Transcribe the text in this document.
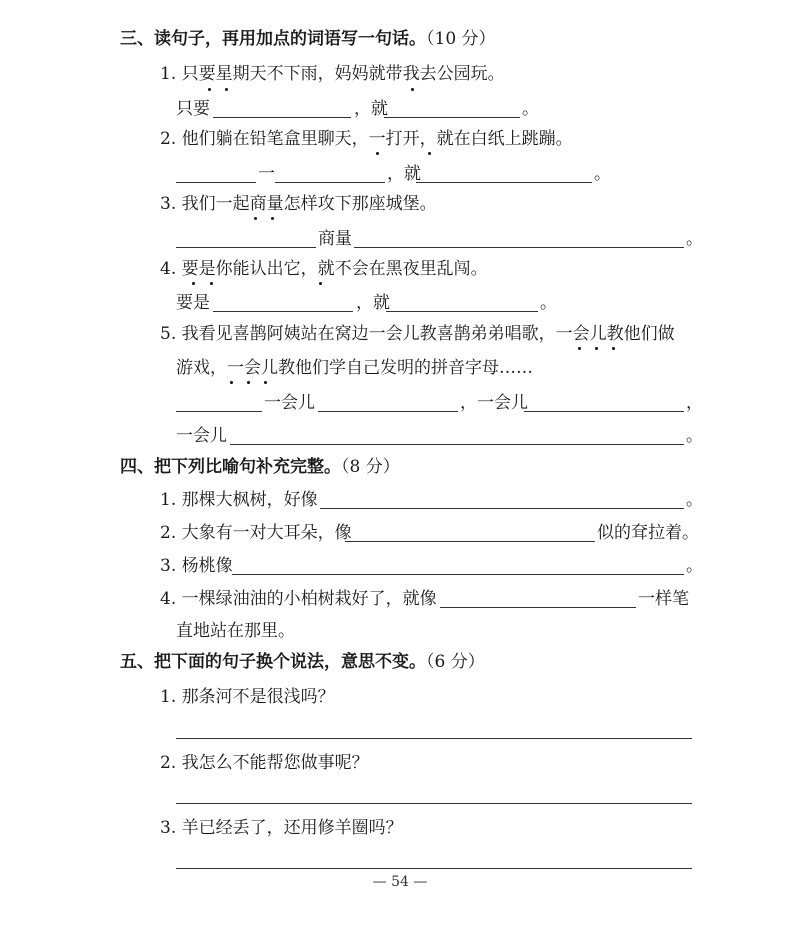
三、读句子，再用加点的词语写一句话。（10 分）
1. 只要星期天不下雨，妈妈就带我去公园玩。
只要	，就	。
2. 他们躺在铅笔盒里聊天，一打开，就在白纸上跳蹦。
一	，就	。
3. 我们一起商量怎样攻下那座城堡。
商量	。
4. 要是你能认出它，就不会在黑夜里乱闯。
要是	，就	。
5. 我看见喜鹊阿姨站在窝边一会儿教喜鹊弟弟唱歌，一会儿教他们做
游戏，一会儿教他们学自己发明的拼音字母……
一会儿	，一会儿	，
一会儿	。
四、把下列比喻句补充完整。（8 分）
1. 那棵大枫树，好像	。
2. 大象有一对大耳朵，像	似的耷拉着。
3. 杨桃像	。
4. 一棵绿油油的小柏树栽好了，就像	一样笔
直地站在那里。
五、把下面的句子换个说法，意思不变。（6 分）
1. 那条河不是很浅吗？
2. 我怎么不能帮您做事呢？
3. 羊已经丢了，还用修羊圈吗？
— 54 —
